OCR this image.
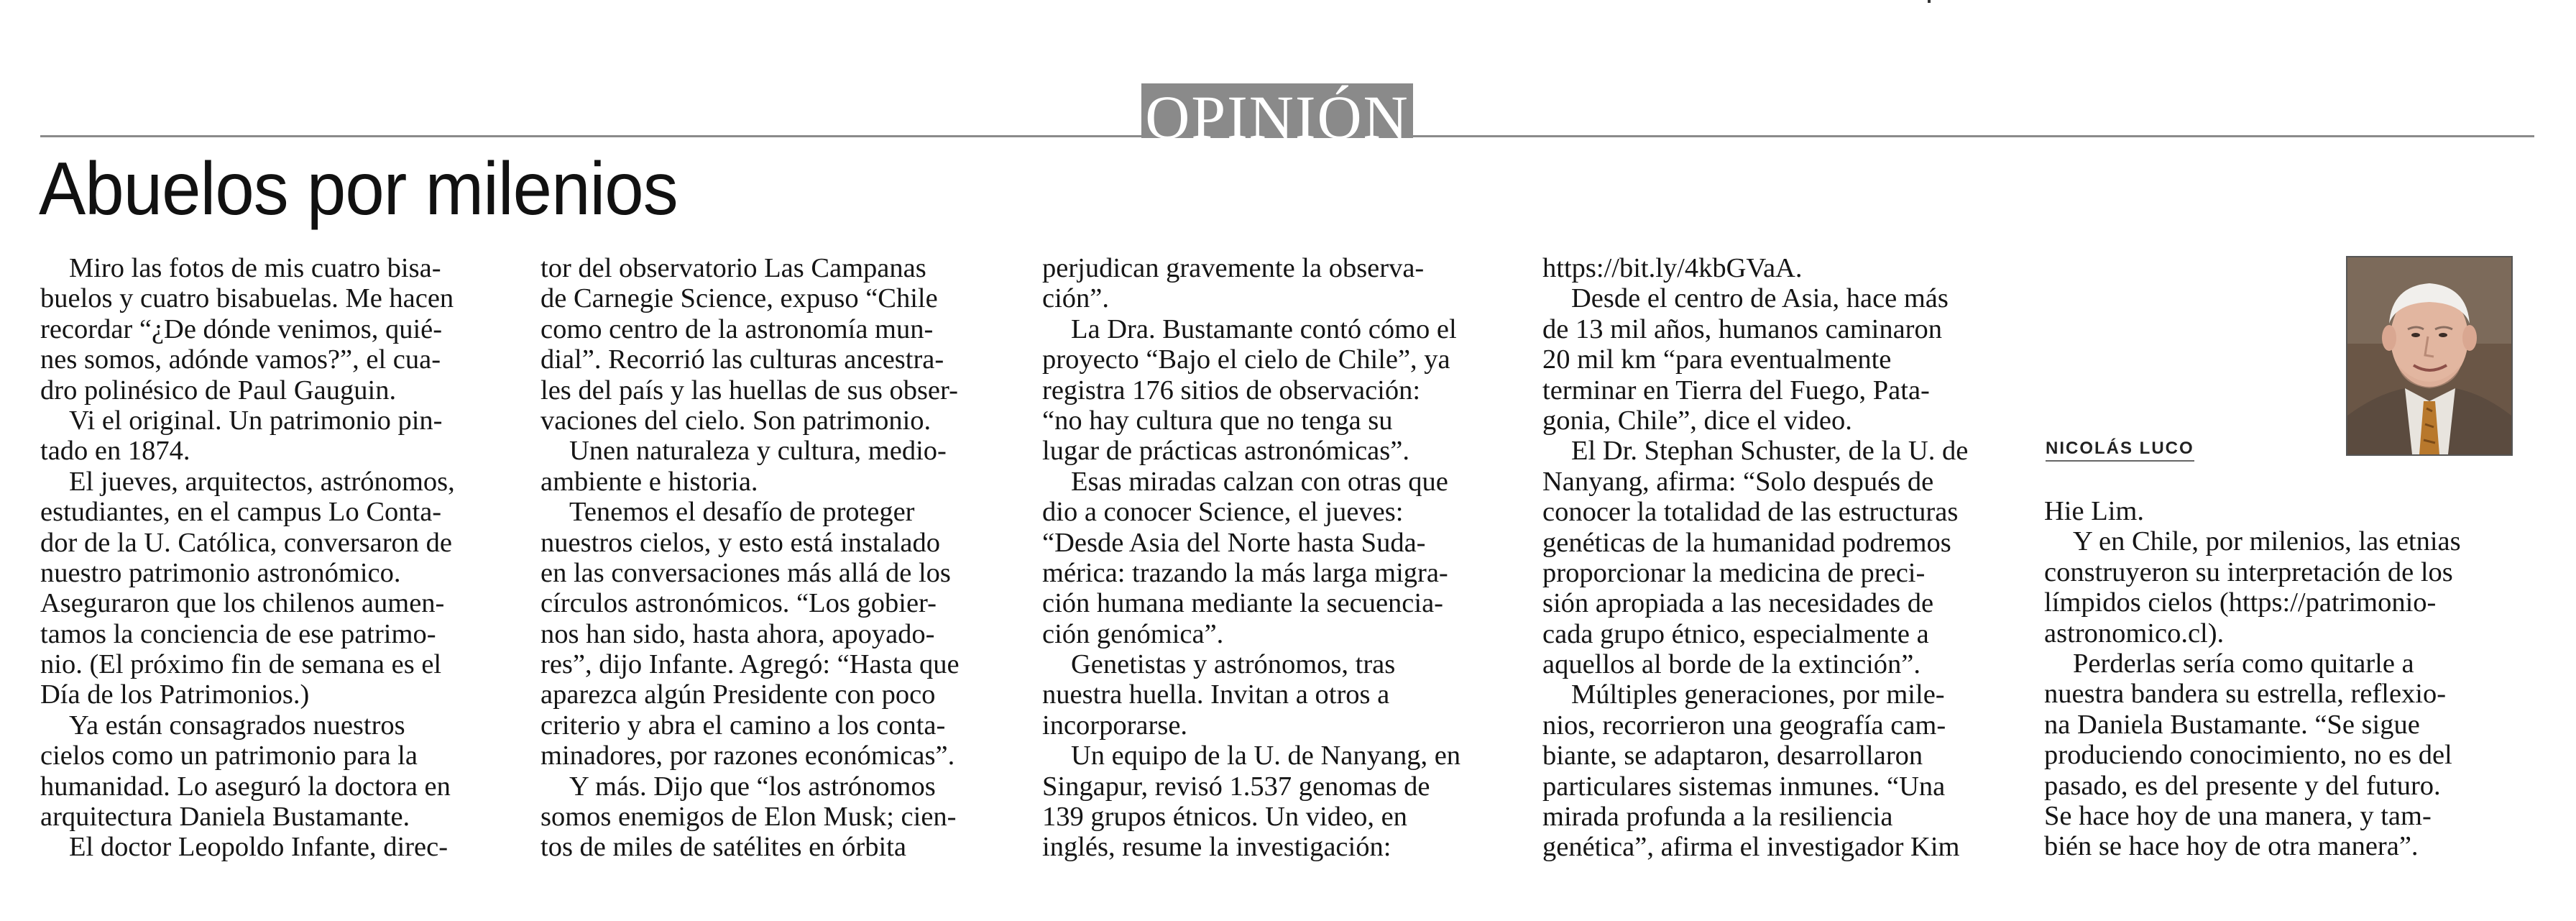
OPINIÓN
Abuelos por milenios
Miro las fotos de mis cuatro bisa-
buelos y cuatro bisabuelas. Me hacen
recordar “¿De dónde venimos, quié-
nes somos, adónde vamos?”, el cua-
dro polinésico de Paul Gauguin.
Vi el original. Un patrimonio pin-
tado en 1874.
El jueves, arquitectos, astrónomos,
estudiantes, en el campus Lo Conta-
dor de la U. Católica, conversaron de
nuestro patrimonio astronómico.
Aseguraron que los chilenos aumen-
tamos la conciencia de ese patrimo-
nio. (El próximo fin de semana es el
Día de los Patrimonios.)
Ya están consagrados nuestros
cielos como un patrimonio para la
humanidad. Lo aseguró la doctora en
arquitectura Daniela Bustamante.
El doctor Leopoldo Infante, direc-
tor del observatorio Las Campanas
de Carnegie Science, expuso “Chile
como centro de la astronomía mun-
dial”. Recorrió las culturas ancestra-
les del país y las huellas de sus obser-
vaciones del cielo. Son patrimonio.
Unen naturaleza y cultura, medio-
ambiente e historia.
Tenemos el desafío de proteger
nuestros cielos, y esto está instalado
en las conversaciones más allá de los
círculos astronómicos. “Los gobier-
nos han sido, hasta ahora, apoyado-
res”, dijo Infante. Agregó: “Hasta que
aparezca algún Presidente con poco
criterio y abra el camino a los conta-
minadores, por razones económicas”.
Y más. Dijo que “los astrónomos
somos enemigos de Elon Musk; cien-
tos de miles de satélites en órbita
perjudican gravemente la observa-
ción”.
La Dra. Bustamante contó cómo el
proyecto “Bajo el cielo de Chile”, ya
registra 176 sitios de observación:
“no hay cultura que no tenga su
lugar de prácticas astronómicas”.
Esas miradas calzan con otras que
dio a conocer Science, el jueves:
“Desde Asia del Norte hasta Suda-
mérica: trazando la más larga migra-
ción humana mediante la secuencia-
ción genómica”.
Genetistas y astrónomos, tras
nuestra huella. Invitan a otros a
incorporarse.
Un equipo de la U. de Nanyang, en
Singapur, revisó 1.537 genomas de
139 grupos étnicos. Un video, en
inglés, resume la investigación:
https://bit.ly/4kbGVaA.
Desde el centro de Asia, hace más
de 13 mil años, humanos caminaron
20 mil km “para eventualmente
terminar en Tierra del Fuego, Pata-
gonia, Chile”, dice el video.
El Dr. Stephan Schuster, de la U. de
Nanyang, afirma: “Solo después de
conocer la totalidad de las estructuras
genéticas de la humanidad podremos
proporcionar la medicina de preci-
sión apropiada a las necesidades de
cada grupo étnico, especialmente a
aquellos al borde de la extinción”.
Múltiples generaciones, por mile-
nios, recorrieron una geografía cam-
biante, se adaptaron, desarrollaron
particulares sistemas inmunes. “Una
mirada profunda a la resiliencia
genética”, afirma el investigador Kim
NICOLÁS LUCO
Hie Lim.
Y en Chile, por milenios, las etnias
construyeron su interpretación de los
límpidos cielos (https://patrimonio-
astronomico.cl).
Perderlas sería como quitarle a
nuestra bandera su estrella, reflexio-
na Daniela Bustamante. “Se sigue
produciendo conocimiento, no es del
pasado, es del presente y del futuro.
Se hace hoy de una manera, y tam-
bién se hace hoy de otra manera”.
